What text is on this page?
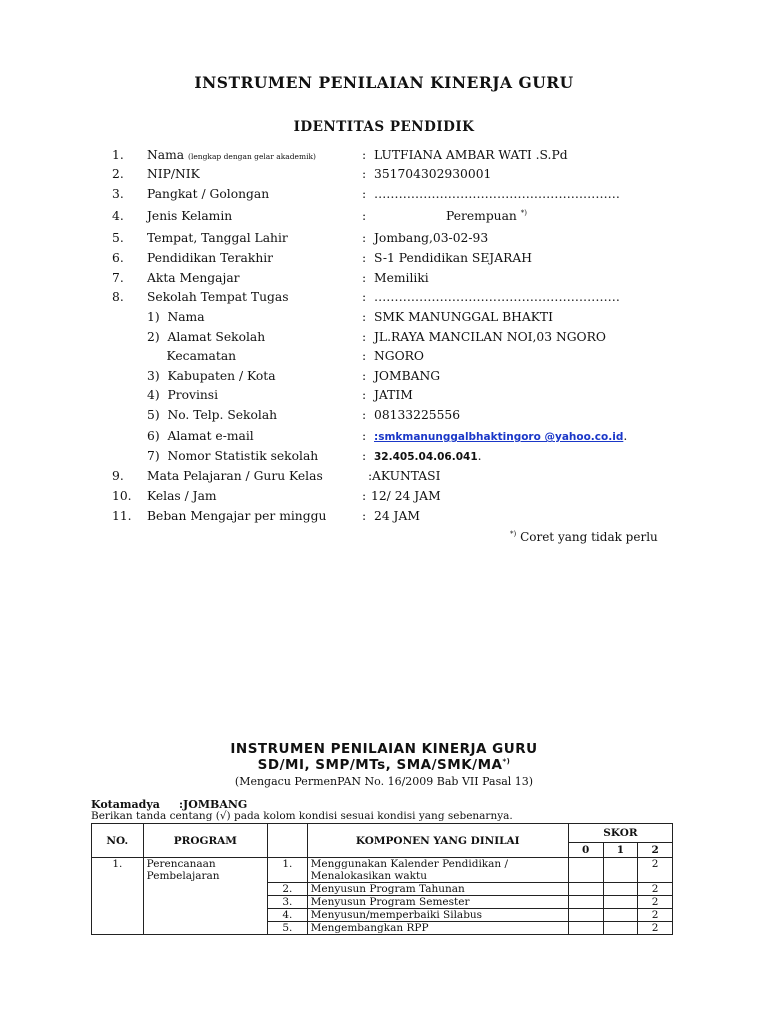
INSTRUMEN PENILAIAN KINERJA GURU
IDENTITAS PENDIDIK
1. Nama (lengkap dengan gelar akademik)	: LUTFIANA AMBAR WATI .S.Pd
2. NIP/NIK	: 351704302930001
3. Pangkat / Golongan	: ……………………………………………………
4. Jenis Kelamin	:	Perempuan *)
5. Tempat, Tanggal Lahir	: Jombang,03-02-93
6. Pendidikan Terakhir	: S-1 Pendidikan SEJARAH
7. Akta Mengajar	: Memiliki
8. Sekolah Tempat Tugas	: ……………………………………………………
1)  Nama	: SMK MANUNGGAL BHAKTI
2)  Alamat Sekolah	: JL.RAYA MANCILAN NOI,03 NGORO
Kecamatan	: NGORO
3)  Kabupaten / Kota	: JOMBANG
4)  Provinsi	: JATIM
5)  No. Telp. Sekolah	: 08133225556
6)  Alamat e-mail	: :smkmanunggalbhaktingoro @yahoo.co.id.
7)  Nomor Statistik sekolah	: 32.405.04.06.041.
9. Mata Pelajaran / Guru Kelas	: AKUNTASI
10. Kelas / Jam	: 12/ 24 JAM
11. Beban Mengajar per minggu	: 24 JAM
*) Coret yang tidak perlu
INSTRUMEN PENILAIAN KINERJA GURU
SD/MI, SMP/MTs, SMA/SMK/MA*)
(Mengacu PermenPAN No. 16/2009 Bab VII Pasal 13)
Kotamadya :JOMBANG
Berikan tanda centang (√) pada kolom kondisi sesuai kondisi yang sebenarnya.
NO.	PROGRAM		KOMPONEN YANG DINILAI	SKOR		
				0	1	2
1.	Perencanaan Pembelajaran	1.	Menggunakan Kalender Pendidikan / Menalokasikan waktu			2
		2.	Menyusun Program Tahunan			2
		3.	Menyusun Program Semester			2
		4.	Menyusun/memperbaiki Silabus			2
		5.	Mengembangkan RPP			2
